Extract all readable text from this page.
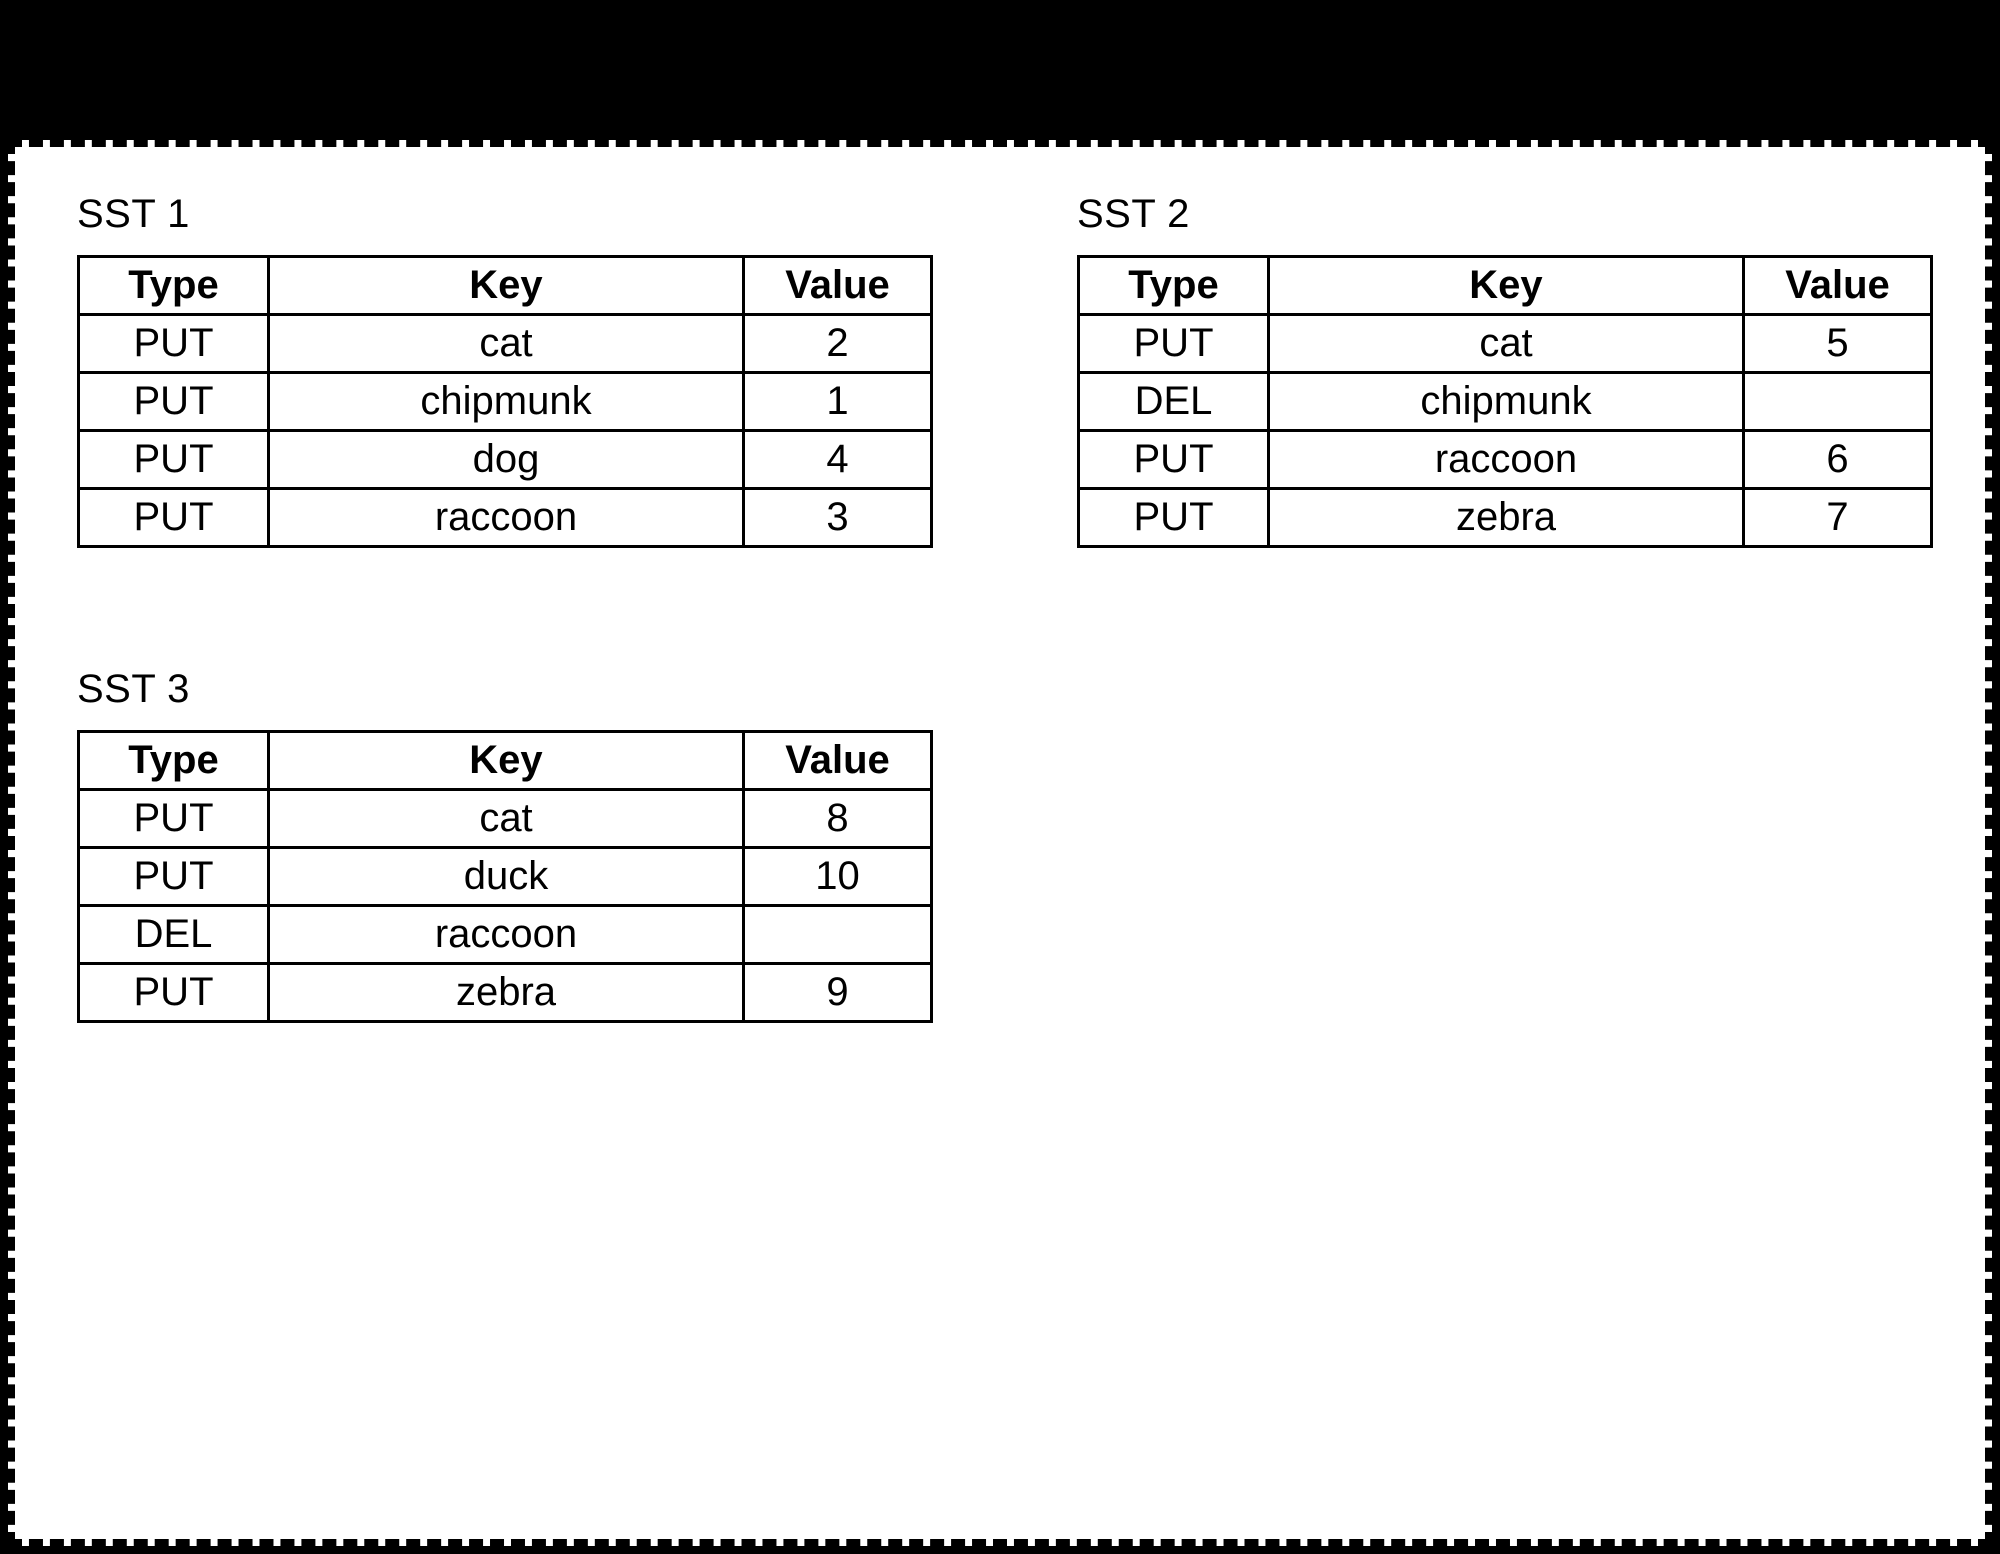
SST 1
Type	Key	Value
PUT	cat	2
PUT	chipmunk	1
PUT	dog	4
PUT	raccoon	3
SST 2
Type	Key	Value
PUT	cat	5
DEL	chipmunk	
PUT	raccoon	6
PUT	zebra	7
SST 3
Type	Key	Value
PUT	cat	8
PUT	duck	10
DEL	raccoon	
PUT	zebra	9
